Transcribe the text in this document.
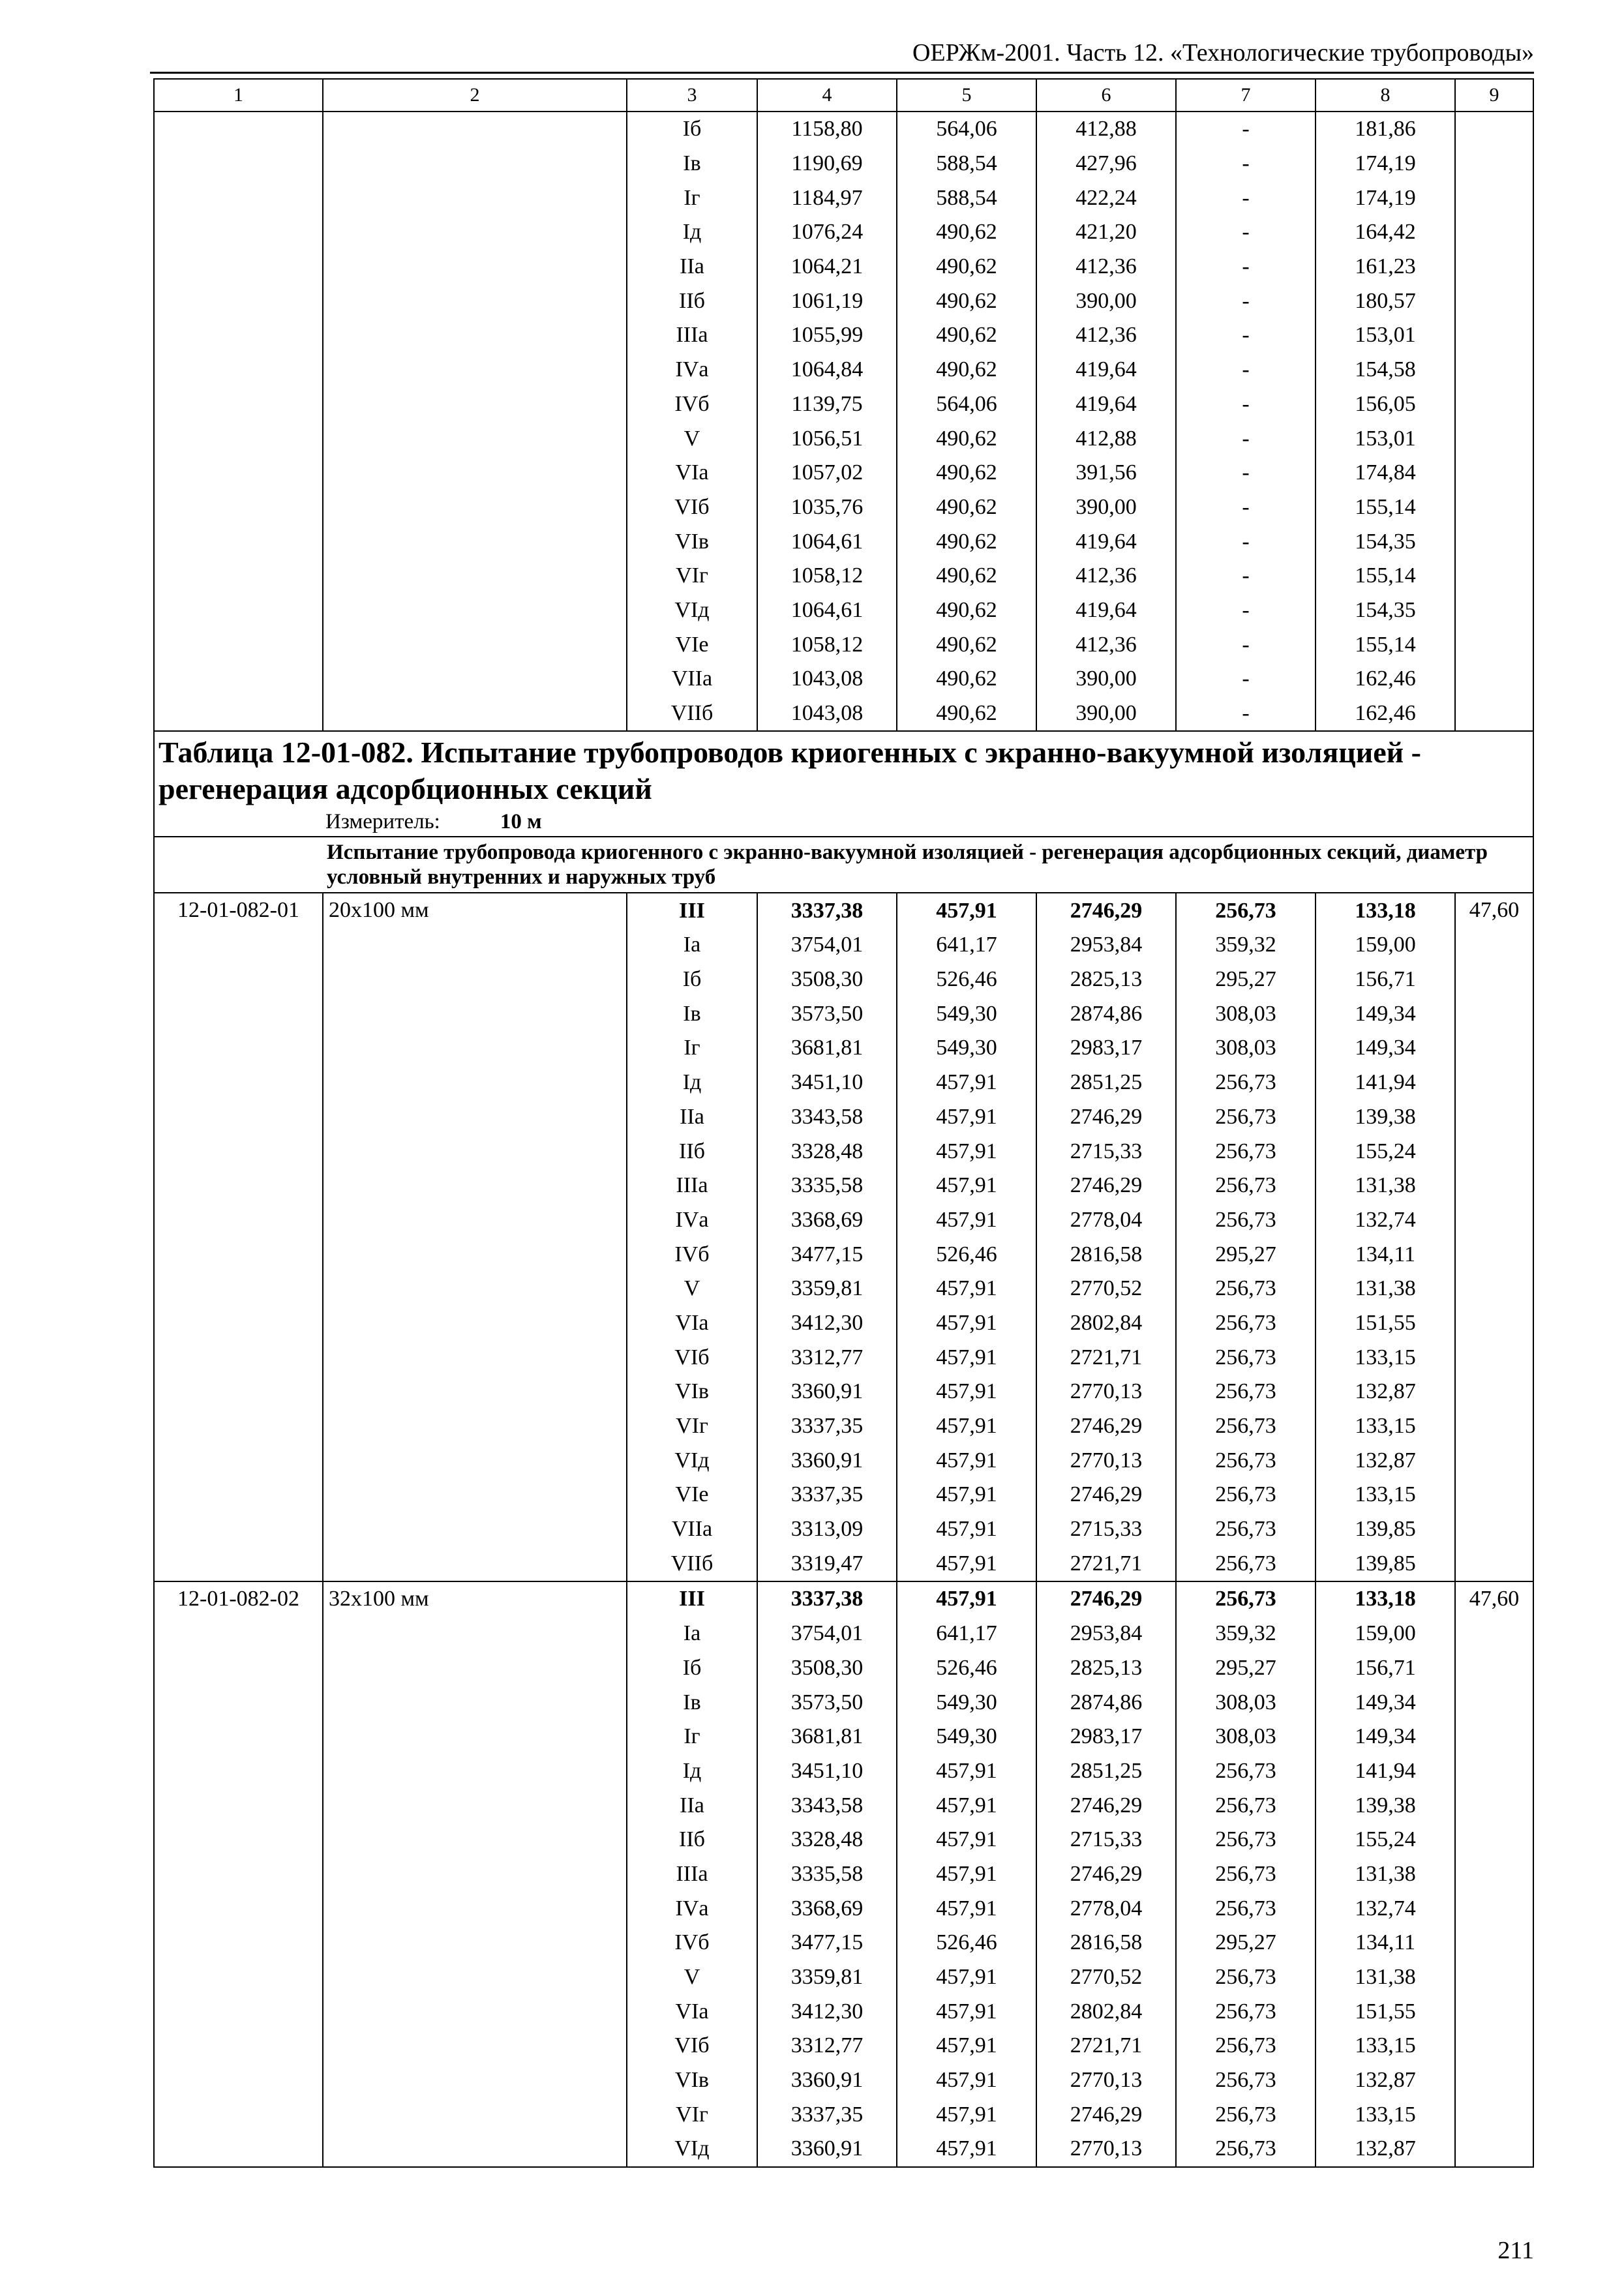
ОЕРЖм-2001. Часть 12. «Технологические трубопроводы»
1	2	3	4	5	6	7	8	9
		Iб	1158,80	564,06	412,88	-	181,86	
		Iв	1190,69	588,54	427,96	-	174,19	
		Iг	1184,97	588,54	422,24	-	174,19	
		Iд	1076,24	490,62	421,20	-	164,42	
		IIа	1064,21	490,62	412,36	-	161,23	
		IIб	1061,19	490,62	390,00	-	180,57	
		IIIа	1055,99	490,62	412,36	-	153,01	
		IVа	1064,84	490,62	419,64	-	154,58	
		IVб	1139,75	564,06	419,64	-	156,05	
		V	1056,51	490,62	412,88	-	153,01	
		VIа	1057,02	490,62	391,56	-	174,84	
		VIб	1035,76	490,62	390,00	-	155,14	
		VIв	1064,61	490,62	419,64	-	154,35	
		VIг	1058,12	490,62	412,36	-	155,14	
		VIд	1064,61	490,62	419,64	-	154,35	
		VIе	1058,12	490,62	412,36	-	155,14	
		VIIа	1043,08	490,62	390,00	-	162,46	
		VIIб	1043,08	490,62	390,00	-	162,46	

Таблица 12-01-082. Испытание трубопроводов криогенных с экранно-вакуумной изоляцией - регенерация адсорбционных секций
Измеритель: 10 м								

	Испытание трубопровода криогенного с экранно-вакуумной изоляцией - регенерация адсорбционных секций, диаметр условный внутренних и наружных труб							
12-01-082-01	20x100 мм	III	3337,38	457,91	2746,29	256,73	133,18	47,60
		Iа	3754,01	641,17	2953,84	359,32	159,00	
		Iб	3508,30	526,46	2825,13	295,27	156,71	
		Iв	3573,50	549,30	2874,86	308,03	149,34	
		Iг	3681,81	549,30	2983,17	308,03	149,34	
		Iд	3451,10	457,91	2851,25	256,73	141,94	
		IIа	3343,58	457,91	2746,29	256,73	139,38	
		IIб	3328,48	457,91	2715,33	256,73	155,24	
		IIIа	3335,58	457,91	2746,29	256,73	131,38	
		IVа	3368,69	457,91	2778,04	256,73	132,74	
		IVб	3477,15	526,46	2816,58	295,27	134,11	
		V	3359,81	457,91	2770,52	256,73	131,38	
		VIа	3412,30	457,91	2802,84	256,73	151,55	
		VIб	3312,77	457,91	2721,71	256,73	133,15	
		VIв	3360,91	457,91	2770,13	256,73	132,87	
		VIг	3337,35	457,91	2746,29	256,73	133,15	
		VIд	3360,91	457,91	2770,13	256,73	132,87	
		VIе	3337,35	457,91	2746,29	256,73	133,15	
		VIIа	3313,09	457,91	2715,33	256,73	139,85	
		VIIб	3319,47	457,91	2721,71	256,73	139,85	
12-01-082-02	32x100 мм	III	3337,38	457,91	2746,29	256,73	133,18	47,60
		Iа	3754,01	641,17	2953,84	359,32	159,00	
		Iб	3508,30	526,46	2825,13	295,27	156,71	
		Iв	3573,50	549,30	2874,86	308,03	149,34	
		Iг	3681,81	549,30	2983,17	308,03	149,34	
		Iд	3451,10	457,91	2851,25	256,73	141,94	
		IIа	3343,58	457,91	2746,29	256,73	139,38	
		IIб	3328,48	457,91	2715,33	256,73	155,24	
		IIIа	3335,58	457,91	2746,29	256,73	131,38	
		IVа	3368,69	457,91	2778,04	256,73	132,74	
		IVб	3477,15	526,46	2816,58	295,27	134,11	
		V	3359,81	457,91	2770,52	256,73	131,38	
		VIа	3412,30	457,91	2802,84	256,73	151,55	
		VIб	3312,77	457,91	2721,71	256,73	133,15	
		VIв	3360,91	457,91	2770,13	256,73	132,87	
		VIг	3337,35	457,91	2746,29	256,73	133,15	
		VIд	3360,91	457,91	2770,13	256,73	132,87	
211
